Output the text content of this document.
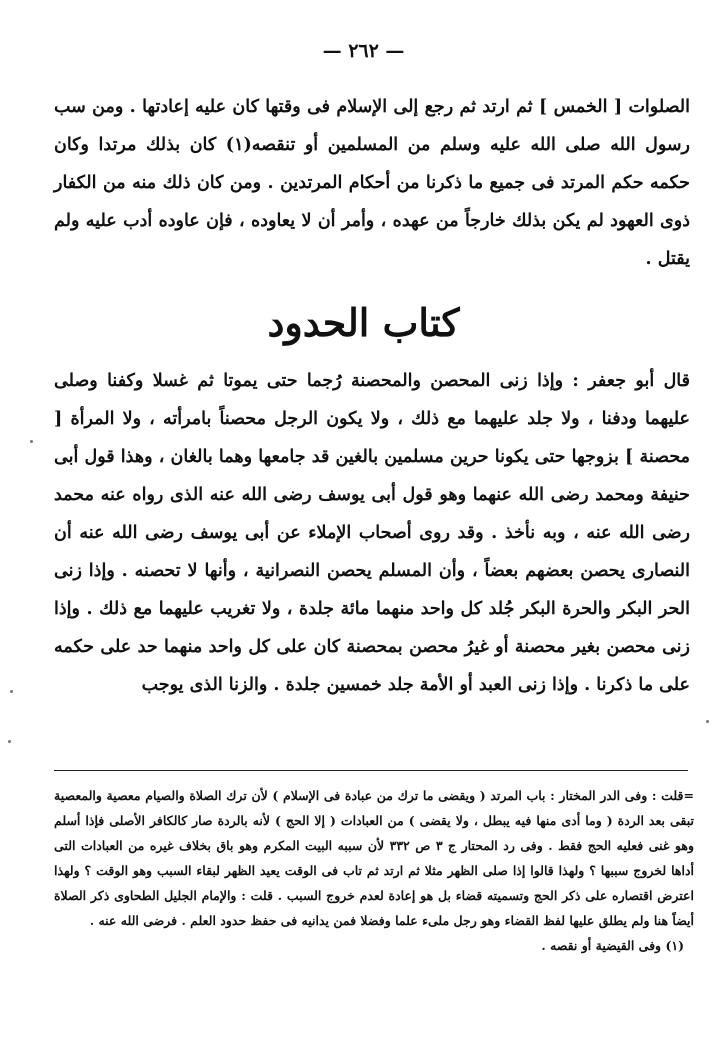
— ٢٦٢ —

الصلوات [ الخمس ] ثم ارتد ثم رجع إلى الإسلام فى وقتها كان عليه إعادتها . ومن سب رسول الله صلى الله عليه وسلم من المسلمين أو تنقصه(١) كان بذلك مرتدا وكان حكمه حكم المرتد فى جميع ما ذكرنا من أحكام المرتدين . ومن كان ذلك منه من الكفار ذوى العهود لم يكن بذلك خارجاً من عهده ، وأمر أن لا يعاوده ، فإن عاوده أدب عليه ولم يقتل .

كتاب الحدود

قال أبو جعفر : وإذا زنى المحصن والمحصنة رُجما حتى يموتا ثم غسلا وكفنا وصلى عليهما ودفنا ، ولا جلد عليهما مع ذلك ، ولا يكون الرجل محصناً بامرأته ، ولا المرأة [ محصنة ] بزوجها حتى يكونا حرين مسلمين بالغين قد جامعها وهما بالغان ، وهذا قول أبى حنيفة ومحمد رضى الله عنهما وهو قول أبى يوسف رضى الله عنه الذى رواه عنه محمد رضى الله عنه ، وبه نأخذ . وقد روى أصحاب الإملاء عن أبى يوسف رضى الله عنه أن النصارى يحصن بعضهم بعضاً ، وأن المسلم يحصن النصرانية ، وأنها لا تحصنه . وإذا زنى الحر البكر والحرة البكر جُلد كل واحد منهما مائة جلدة ، ولا تغريب عليهما مع ذلك . وإذا زنى محصن بغير محصنة أو غيرُ محصن بمحصنة كان على كل واحد منهما حد على حكمه على ما ذكرنا . وإذا زنى العبد أو الأمة جلد خمسين جلدة . والزنا الذى يوجب

=قلت : وفى الدر المختار : باب المرتد ( ويقضى ما ترك من عبادة فى الإسلام ) لأن ترك الصلاة والصيام معصية والمعصية تبقى بعد الردة ( وما أدى منها فيه يبطل ، ولا يقضى ) من العبادات ( إلا الحج ) لأنه بالردة صار كالكافر الأصلى فإذا أسلم وهو غنى فعليه الحج فقط . وفى رد المحتار ج ٣ ص ٣٣٢ لأن سببه البيت المكرم وهو باق بخلاف غيره من العبادات التى أداها لخروج سببها ؟ ولهذا قالوا إذا صلى الظهر مثلا ثم ارتد ثم تاب فى الوقت يعيد الظهر لبقاء السبب وهو الوقت ؟ ولهذا اعترض اقتصاره على ذكر الحج وتسميته قضاء بل هو إعادة لعدم خروج السبب . قلت : والإمام الجليل الطحاوى ذكر الصلاة أيضاً هنا ولم يطلق عليها لفظ القضاء وهو رجل ملىء علما وفضلا فمن يدانيه فى حفظ حدود العلم . فرضى الله عنه .

(١) وفى القيضية أو نقصه .
